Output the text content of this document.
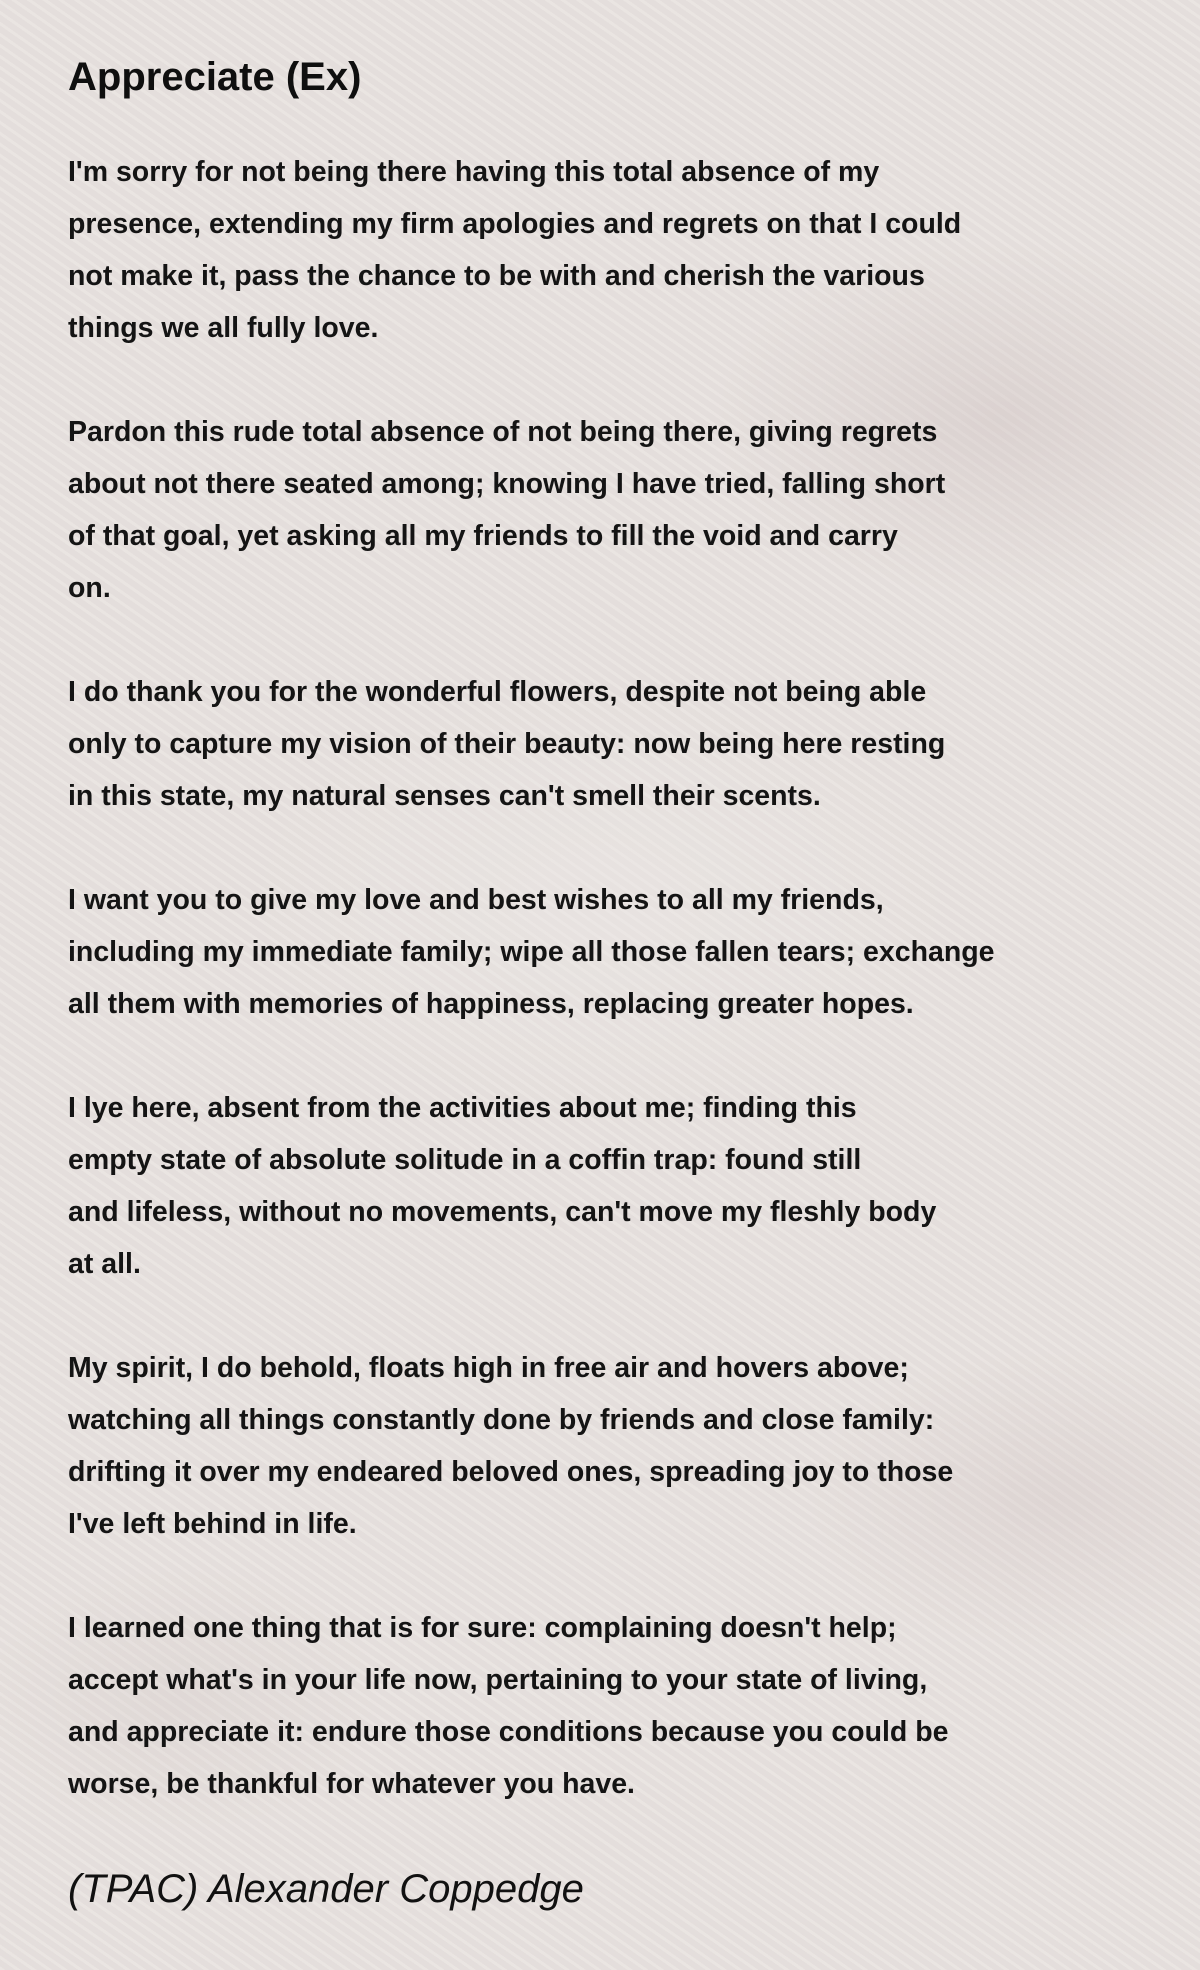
Appreciate (Ex)
I'm sorry for not being there having this total absence of my
presence, extending my firm apologies and regrets on that I could
not make it, pass the chance to be with and cherish the various
things we all fully love.
Pardon this rude total absence of not being there, giving regrets
about not there seated among; knowing I have tried, falling short
of that goal, yet asking all my friends to fill the void and carry
on.
I do thank you for the wonderful flowers, despite not being able
only to capture my vision of their beauty: now being here resting
in this state, my natural senses can't smell their scents.
I want you to give my love and best wishes to all my friends,
including my immediate family; wipe all those fallen tears; exchange
all them with memories of happiness, replacing greater hopes.
I lye here, absent from the activities about me; finding this
empty state of absolute solitude in a coffin trap: found still
and lifeless, without no movements, can't move my fleshly body
at all.
My spirit, I do behold, floats high in free air and hovers above;
watching all things constantly done by friends and close family:
drifting it over my endeared beloved ones, spreading joy to those
I've left behind in life.
I learned one thing that is for sure: complaining doesn't help;
accept what's in your life now, pertaining to your state of living,
and appreciate it: endure those conditions because you could be
worse, be thankful for whatever you have.
(TPAC) Alexander Coppedge
